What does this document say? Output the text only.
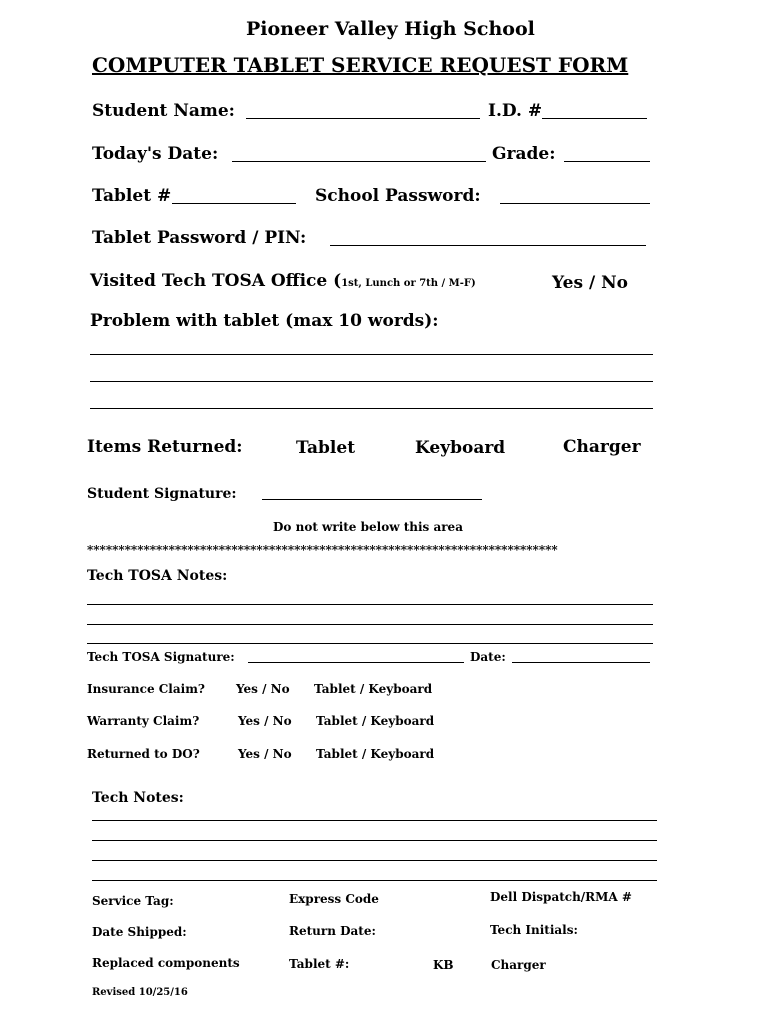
Pioneer Valley High School
COMPUTER TABLET SERVICE REQUEST FORM
Student Name:	I.D. #
Today's Date:	Grade:
Tablet #	School Password:
Tablet Password / PIN:
Visited Tech TOSA Office (1st, Lunch or 7th / M-F)	Yes / No
Problem with tablet (max 10 words):
Items Returned:	Tablet	Keyboard	Charger
Student Signature:
Do not write below this area
***************************************************************************
Tech TOSA Notes:
Tech TOSA Signature:	Date:
Insurance Claim?	Yes / No Tablet / Keyboard
Warranty Claim?	Yes / No Tablet / Keyboard
Returned to DO?	Yes / No Tablet / Keyboard
Tech Notes:
Service Tag:	Express Code	Dell Dispatch/RMA #
Date Shipped:	Return Date:	Tech Initials:
Replaced components	Tablet #:	KB	Charger
Revised 10/25/16
